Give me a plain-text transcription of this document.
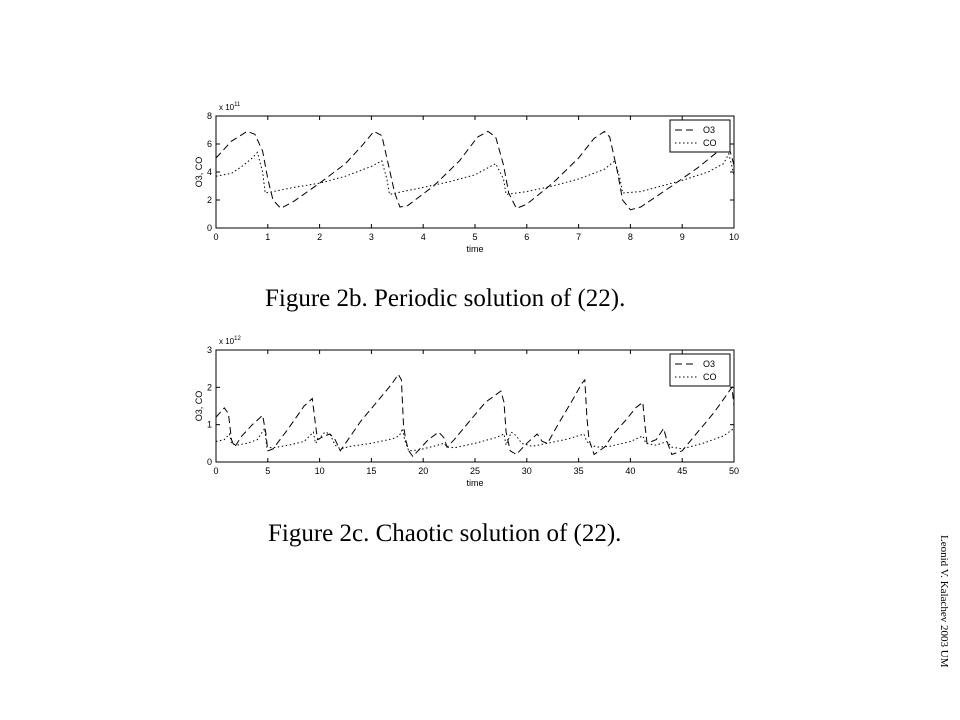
0	1	2	3	4	5	6	7	8	9	10
0
2
4
6
8
x $10^{11}$
time
O3, CO
O3
CO
0	5	10	15	20	25	30	35	40	45	50
0
1
2
3
x $10^{12}$
time
O3, CO
O3
CO
Figure 2b. Periodic solution of (22).
Figure 2c. Chaotic solution of (22).
Leonid V. Kalachev 2003 UM
